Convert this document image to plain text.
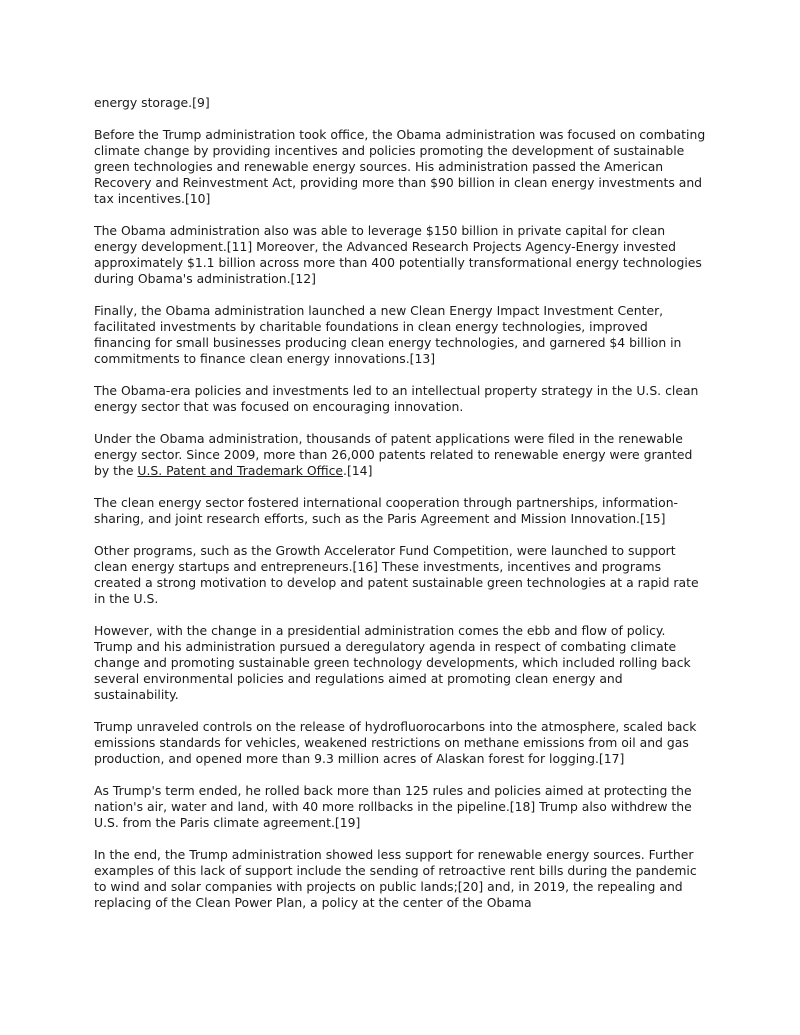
energy storage.[9]

Before the Trump administration took office, the Obama administration was focused on combating climate change by providing incentives and policies promoting the development of sustainable green technologies and renewable energy sources. His administration passed the American Recovery and Reinvestment Act, providing more than $90 billion in clean energy investments and tax incentives.[10]

The Obama administration also was able to leverage $150 billion in private capital for clean energy development.[11] Moreover, the Advanced Research Projects Agency-Energy invested approximately $1.1 billion across more than 400 potentially transformational energy technologies during Obama's administration.[12]

Finally, the Obama administration launched a new Clean Energy Impact Investment Center, facilitated investments by charitable foundations in clean energy technologies, improved financing for small businesses producing clean energy technologies, and garnered $4 billion in commitments to finance clean energy innovations.[13]

The Obama-era policies and investments led to an intellectual property strategy in the U.S. clean energy sector that was focused on encouraging innovation.

Under the Obama administration, thousands of patent applications were filed in the renewable energy sector. Since 2009, more than 26,000 patents related to renewable energy were granted by the U.S. Patent and Trademark Office.[14]

The clean energy sector fostered international cooperation through partnerships, information-sharing, and joint research efforts, such as the Paris Agreement and Mission Innovation.[15]

Other programs, such as the Growth Accelerator Fund Competition, were launched to support clean energy startups and entrepreneurs.[16] These investments, incentives and programs created a strong motivation to develop and patent sustainable green technologies at a rapid rate in the U.S.

However, with the change in a presidential administration comes the ebb and flow of policy. Trump and his administration pursued a deregulatory agenda in respect of combating climate change and promoting sustainable green technology developments, which included rolling back several environmental policies and regulations aimed at promoting clean energy and sustainability.

Trump unraveled controls on the release of hydrofluorocarbons into the atmosphere, scaled back emissions standards for vehicles, weakened restrictions on methane emissions from oil and gas production, and opened more than 9.3 million acres of Alaskan forest for logging.[17]

As Trump's term ended, he rolled back more than 125 rules and policies aimed at protecting the nation's air, water and land, with 40 more rollbacks in the pipeline.[18] Trump also withdrew the U.S. from the Paris climate agreement.[19]

In the end, the Trump administration showed less support for renewable energy sources. Further examples of this lack of support include the sending of retroactive rent bills during the pandemic to wind and solar companies with projects on public lands;[20] and, in 2019, the repealing and replacing of the Clean Power Plan, a policy at the center of the Obama
